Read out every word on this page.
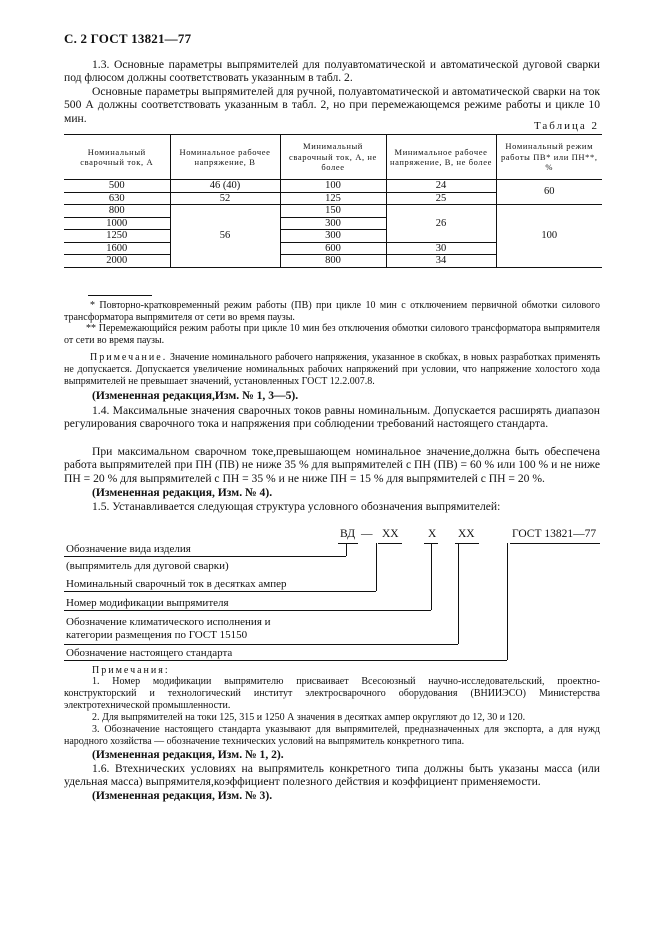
С. 2 ГОСТ 13821—77
1.3. Основные параметры выпрямителей для полуавтоматической и автоматической дуговой сварки под флюсом должны соответствовать указанным в табл. 2.
Основные параметры выпрямителей для ручной, полуавтоматической и автоматической сварки на ток 500 А должны соответствовать указанным в табл. 2, но при перемежающемся режиме работы и цикле 10 мин.
Таблица 2
Номинальный сварочный ток, А	Номинальное рабочее напряжение, В	Минимальный сварочный ток, А, не более	Минимальное рабочее напряжение, В, не более	Номинальный режим работы ПВ* или ПН**, %
500	46 (40)	100	24	60
630	52	125	25	
800	56	150	26	100
1000		300		
1250		300		
1600		600	30	
2000		800	34	
* Повторно-кратковременный режим работы (ПВ) при цикле 10 мин с отключением первичной обмотки силового трансформатора выпрямителя от сети во время паузы.
** Перемежающийся режим работы при цикле 10 мин без отключения обмотки силового трансформатора выпрямителя от сети во время паузы.
Примечание. Значение номинального рабочего напряжения, указанное в скобках, в новых разработках применять не допускается. Допускается увеличение номинальных рабочих напряжений при условии, что напряжение холостого хода выпрямителей не превышает значений, установленных ГОСТ 12.2.007.8.
(Измененная редакция,Изм. № 1, 3—5).
1.4. Максимальные значения сварочных токов равны номинальным. Допускается расширять диапазон регулирования сварочного тока и напряжения при соблюдении требований настоящего стандарта.
При максимальном сварочном токе,превышающем номинальное значение,должна быть обеспечена работа выпрямителей при ПН (ПВ) не ниже 35 % для выпрямителей с ПН (ПВ) = 60 % или 100 % и не ниже ПН = 20 % для выпрямителей с ПН = 35 % и не ниже ПН = 15 % для выпрямителей с ПН = 20 %.
(Измененная редакция, Изм. № 4).
1.5. Устанавливается следующая структура условного обозначения выпрямителей:
ВД — XX	X XX	ГОСТ 13821—77
Обозначение вида изделия
(выпрямитель для дуговой сварки)
Номинальный сварочный ток в десятках ампер
Номер модификации выпрямителя
Обозначение климатического исполнения и
категории размещения по ГОСТ 15150
Обозначение настоящего стандарта
Примечания:
1. Номер модификации выпрямителю присваивает Всесоюзный научно-исследовательский, проектно-конструкторский и технологический институт электросварочного оборудования (ВНИИЭСО) Министерства электротехнической промышленности.
2. Для выпрямителей на токи 125, 315 и 1250 А значения в десятках ампер округляют до 12, 30 и 120.
3. Обозначение настоящего стандарта указывают для выпрямителей, предназначенных для экспорта, а для нужд народного хозяйства — обозначение технических условий на выпрямитель конкретного типа.
(Измененная редакция, Изм. № 1, 2).
1.6. Втехнических условиях на выпрямитель конкретного типа должны быть указаны масса (или удельная масса) выпрямителя,коэффициент полезного действия и коэффициент применяемости.
(Измененная редакция, Изм. № 3).
